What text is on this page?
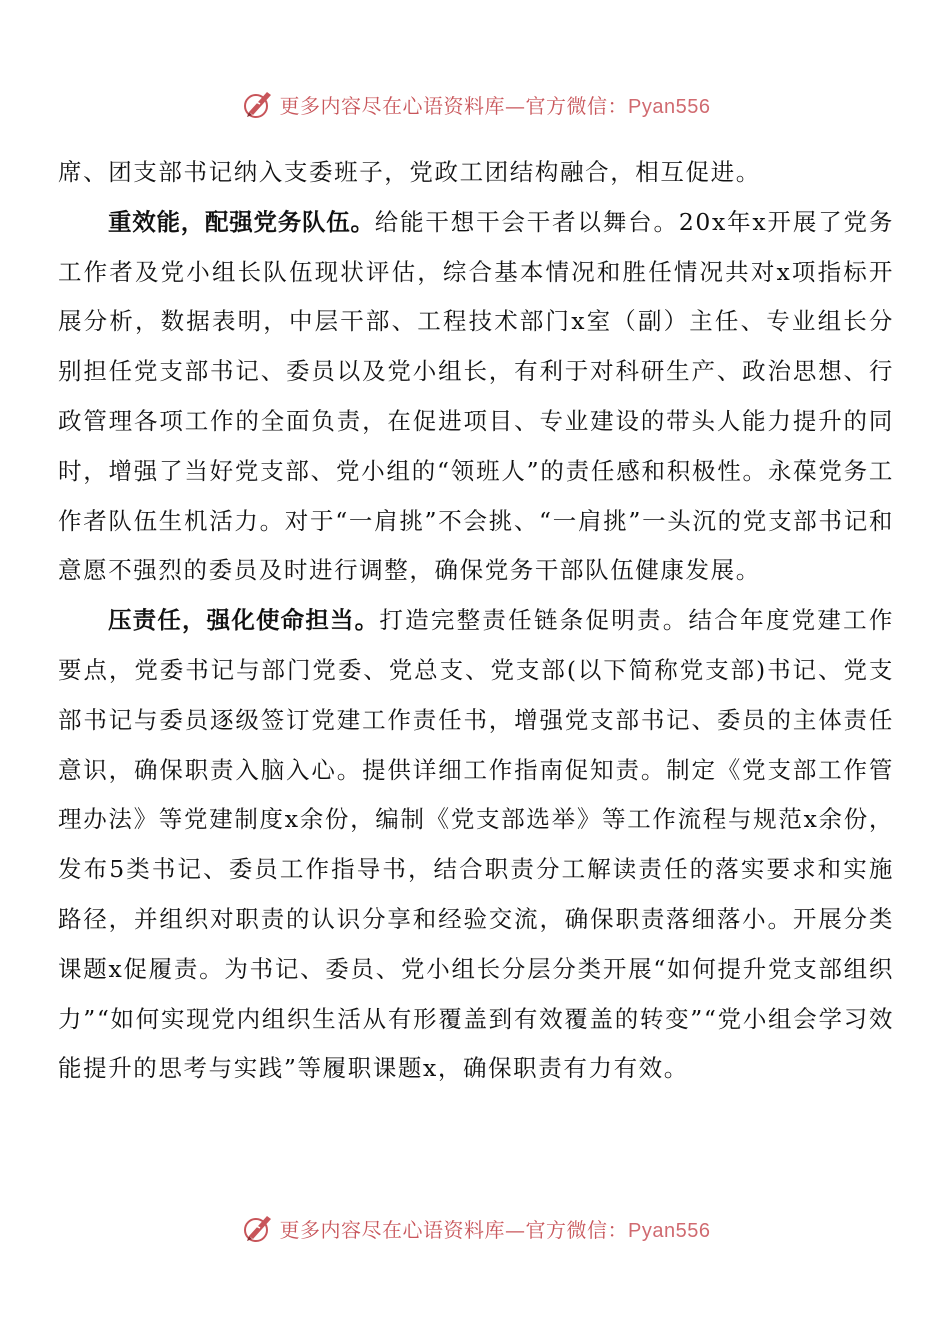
更多内容尽在心语资料库—官方微信：Pyan556

席、团支部书记纳入支委班子，党政工团结构融合，相互促进。

重效能，配强党务队伍。给能干想干会干者以舞台。20x年x开展了党务工作者及党小组长队伍现状评估，综合基本情况和胜任情况共对x项指标开展分析，数据表明，中层干部、工程技术部门x室（副）主任、专业组长分别担任党支部书记、委员以及党小组长，有利于对科研生产、政治思想、行政管理各项工作的全面负责，在促进项目、专业建设的带头人能力提升的同时，增强了当好党支部、党小组的“领班人”的责任感和积极性。永葆党务工作者队伍生机活力。对于“一肩挑”不会挑、“一肩挑”一头沉的党支部书记和意愿不强烈的委员及时进行调整，确保党务干部队伍健康发展。

压责任，强化使命担当。打造完整责任链条促明责。结合年度党建工作要点，党委书记与部门党委、党总支、党支部(以下简称党支部)书记、党支部书记与委员逐级签订党建工作责任书，增强党支部书记、委员的主体责任意识，确保职责入脑入心。提供详细工作指南促知责。制定《党支部工作管理办法》等党建制度x余份，编制《党支部选举》等工作流程与规范x余份，发布5类书记、委员工作指导书，结合职责分工解读责任的落实要求和实施路径，并组织对职责的认识分享和经验交流，确保职责落细落小。开展分类课题x促履责。为书记、委员、党小组长分层分类开展“如何提升党支部组织力”“如何实现党内组织生活从有形覆盖到有效覆盖的转变”“党小组会学习效能提升的思考与实践”等履职课题x，确保职责有力有效。

更多内容尽在心语资料库—官方微信：Pyan556
